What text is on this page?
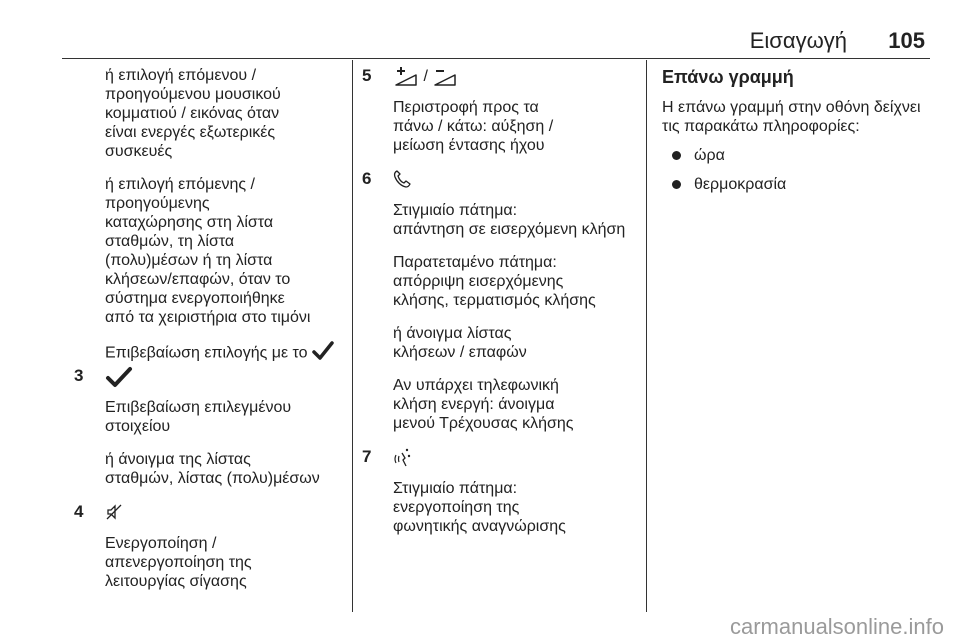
Εισαγωγή 105
ή επιλογή επόμενου /
προηγούμενου μουσικού
κομματιού / εικόνας όταν
είναι ενεργές εξωτερικές
συσκευές
ή επιλογή επόμενης /
προηγούμενης
καταχώρησης στη λίστα
σταθμών, τη λίστα
(πολυ)μέσων ή τη λίστα
κλήσεων/επαφών, όταν το
σύστημα ενεργοποιήθηκε
από τα χειριστήρια στο τιμόνι
Επιβεβαίωση επιλογής με το
3
Επιβεβαίωση επιλεγμένου
στοιχείου
ή άνοιγμα της λίστας
σταθμών, λίστας (πολυ)μέσων
4
Ενεργοποίηση /
απενεργοποίηση της
λειτουργίας σίγασης
5	/
Περιστροφή προς τα
πάνω / κάτω: αύξηση /
μείωση έντασης ήχου
6
Στιγμιαίο πάτημα:
απάντηση σε εισερχόμενη κλήση
Παρατεταμένο πάτημα:
απόρριψη εισερχόμενης
κλήσης, τερματισμός κλήσης
ή άνοιγμα λίστας
κλήσεων / επαφών
Αν υπάρχει τηλεφωνική
κλήση ενεργή: άνοιγμα
μενού Τρέχουσας κλήσης
7
Στιγμιαίο πάτημα:
ενεργοποίηση της
φωνητικής αναγνώρισης
Επάνω γραμμή
Η επάνω γραμμή στην οθόνη δείχνει
τις παρακάτω πληροφορίες:
ώρα
θερμοκρασία
carmanualsonline.info
